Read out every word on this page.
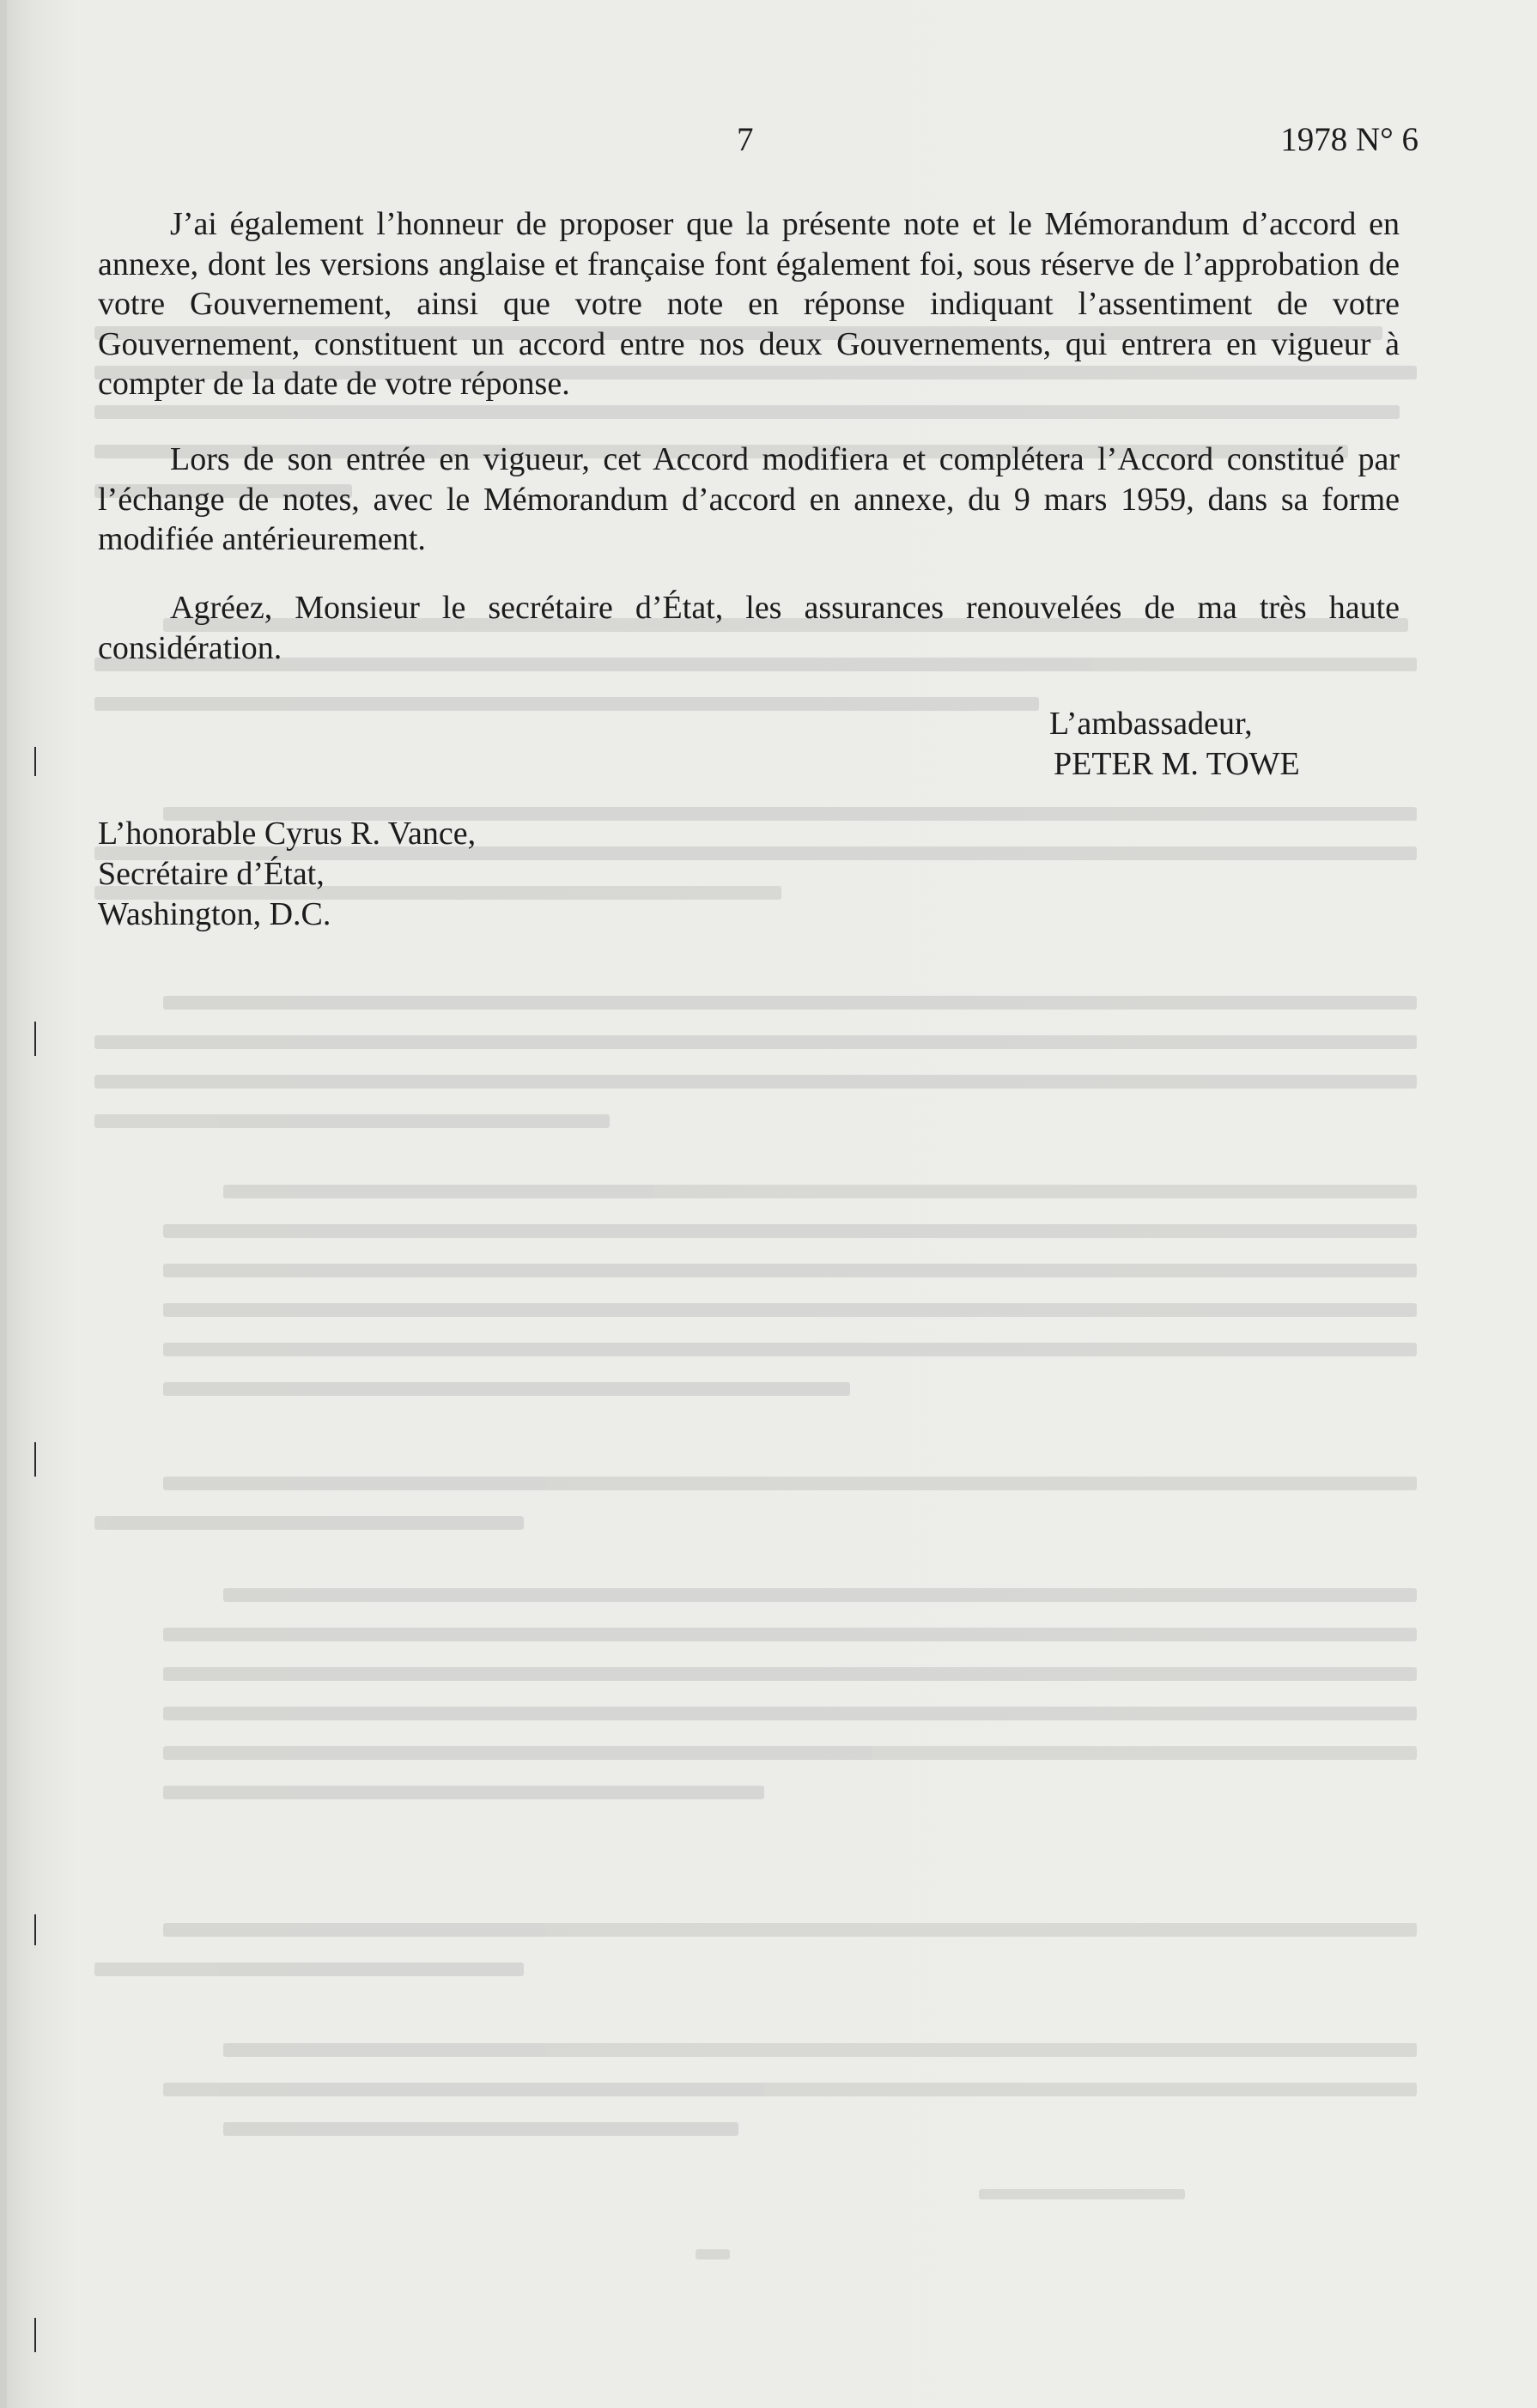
7	1978 N° 6

J’ai également l’honneur de proposer que la présente note et le Mémorandum d’accord en annexe, dont les versions anglaise et française font également foi, sous réserve de l’approbation de votre Gouvernement, ainsi que votre note en réponse indiquant l’assentiment de votre Gouvernement, constituent un accord entre nos deux Gouvernements, qui entrera en vigueur à compter de la date de votre réponse.

Lors de son entrée en vigueur, cet Accord modifiera et complétera l’Accord constitué par l’échange de notes, avec le Mémorandum d’accord en annexe, du 9 mars 1959, dans sa forme modifiée antérieurement.

Agréez, Monsieur le secrétaire d’État, les assurances renouvelées de ma très haute considération.

L’ambassadeur,
PETER M. TOWE
L’honorable Cyrus R. Vance,
Secrétaire d’État,
Washington, D.C.
